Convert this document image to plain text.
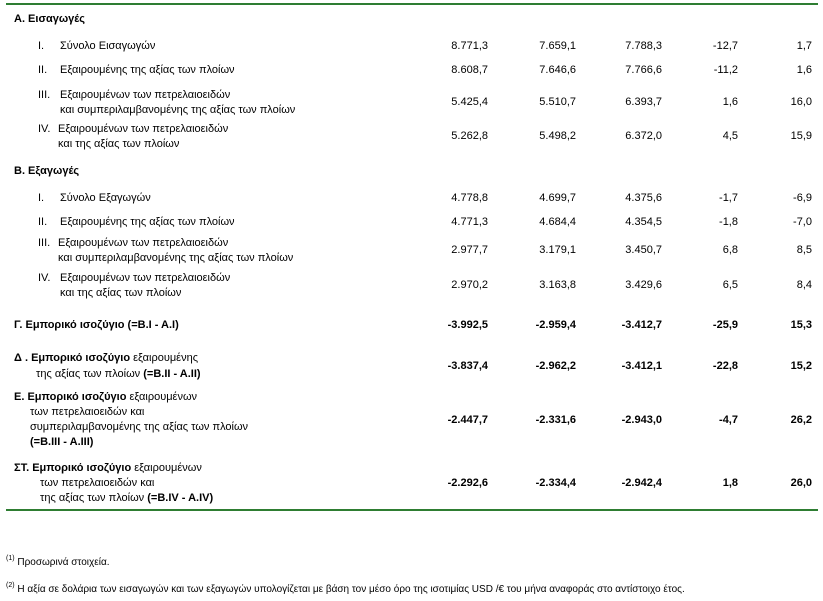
Α. Εισαγωγές
I. Σύνολο Εισαγωγών	8.771,3	7.659,1	7.788,3	-12,7	1,7
II. Εξαιρουμένης της αξίας των πλοίων	8.608,7	7.646,6	7.766,6	-11,2	1,6
III. Εξαιρουμένων των πετρελαιοειδών
και συμπεριλαμβανομένης της αξίας των πλοίων
5.425,4	5.510,7	6.393,7	1,6	16,0
IV. Εξαιρουμένων των πετρελαιοειδών
και της αξίας των πλοίων
5.262,8	5.498,2	6.372,0	4,5	15,9
Β. Εξαγωγές
I. Σύνολο Εξαγωγών	4.778,8	4.699,7	4.375,6	-1,7	-6,9
II. Εξαιρουμένης της αξίας των πλοίων	4.771,3	4.684,4	4.354,5	-1,8	-7,0
III. Εξαιρουμένων των πετρελαιοειδών
και συμπεριλαμβανομένης της αξίας των πλοίων
2.977,7	3.179,1	3.450,7	6,8	8,5
IV. Εξαιρουμένων των πετρελαιοειδών
και της αξίας των πλοίων
2.970,2	3.163,8	3.429,6	6,5	8,4
Γ. Εμπορικό ισοζύγιο (=B.I - A.I)	-3.992,5	-2.959,4	-3.412,7	-25,9	15,3
Δ . Εμπορικό ισοζύγιο εξαιρουμένης
της αξίας των πλοίων (=B.II - A.II)
-3.837,4	-2.962,2	-3.412,1	-22,8	15,2
Ε. Εμπορικό ισοζύγιο εξαιρουμένων
των πετρελαιοειδών και
συμπεριλαμβανομένης της αξίας των πλοίων
(=B.III - A.III)
-2.447,7	-2.331,6	-2.943,0	-4,7	26,2
ΣΤ. Εμπορικό ισοζύγιο εξαιρουμένων
των πετρελαιοειδών και
της αξίας των πλοίων (=B.IV - A.IV)
-2.292,6	-2.334,4	-2.942,4	1,8	26,0
$^{(1)}$ Προσωρινά στοιχεία.
$^{(2)}$ Η αξία σε δολάρια των εισαγωγών και των εξαγωγών υπολογίζεται με βάση τον μέσο όρο της ισοτιμίας USD /€ του μήνα αναφοράς στο αντίστοιχο έτος.
